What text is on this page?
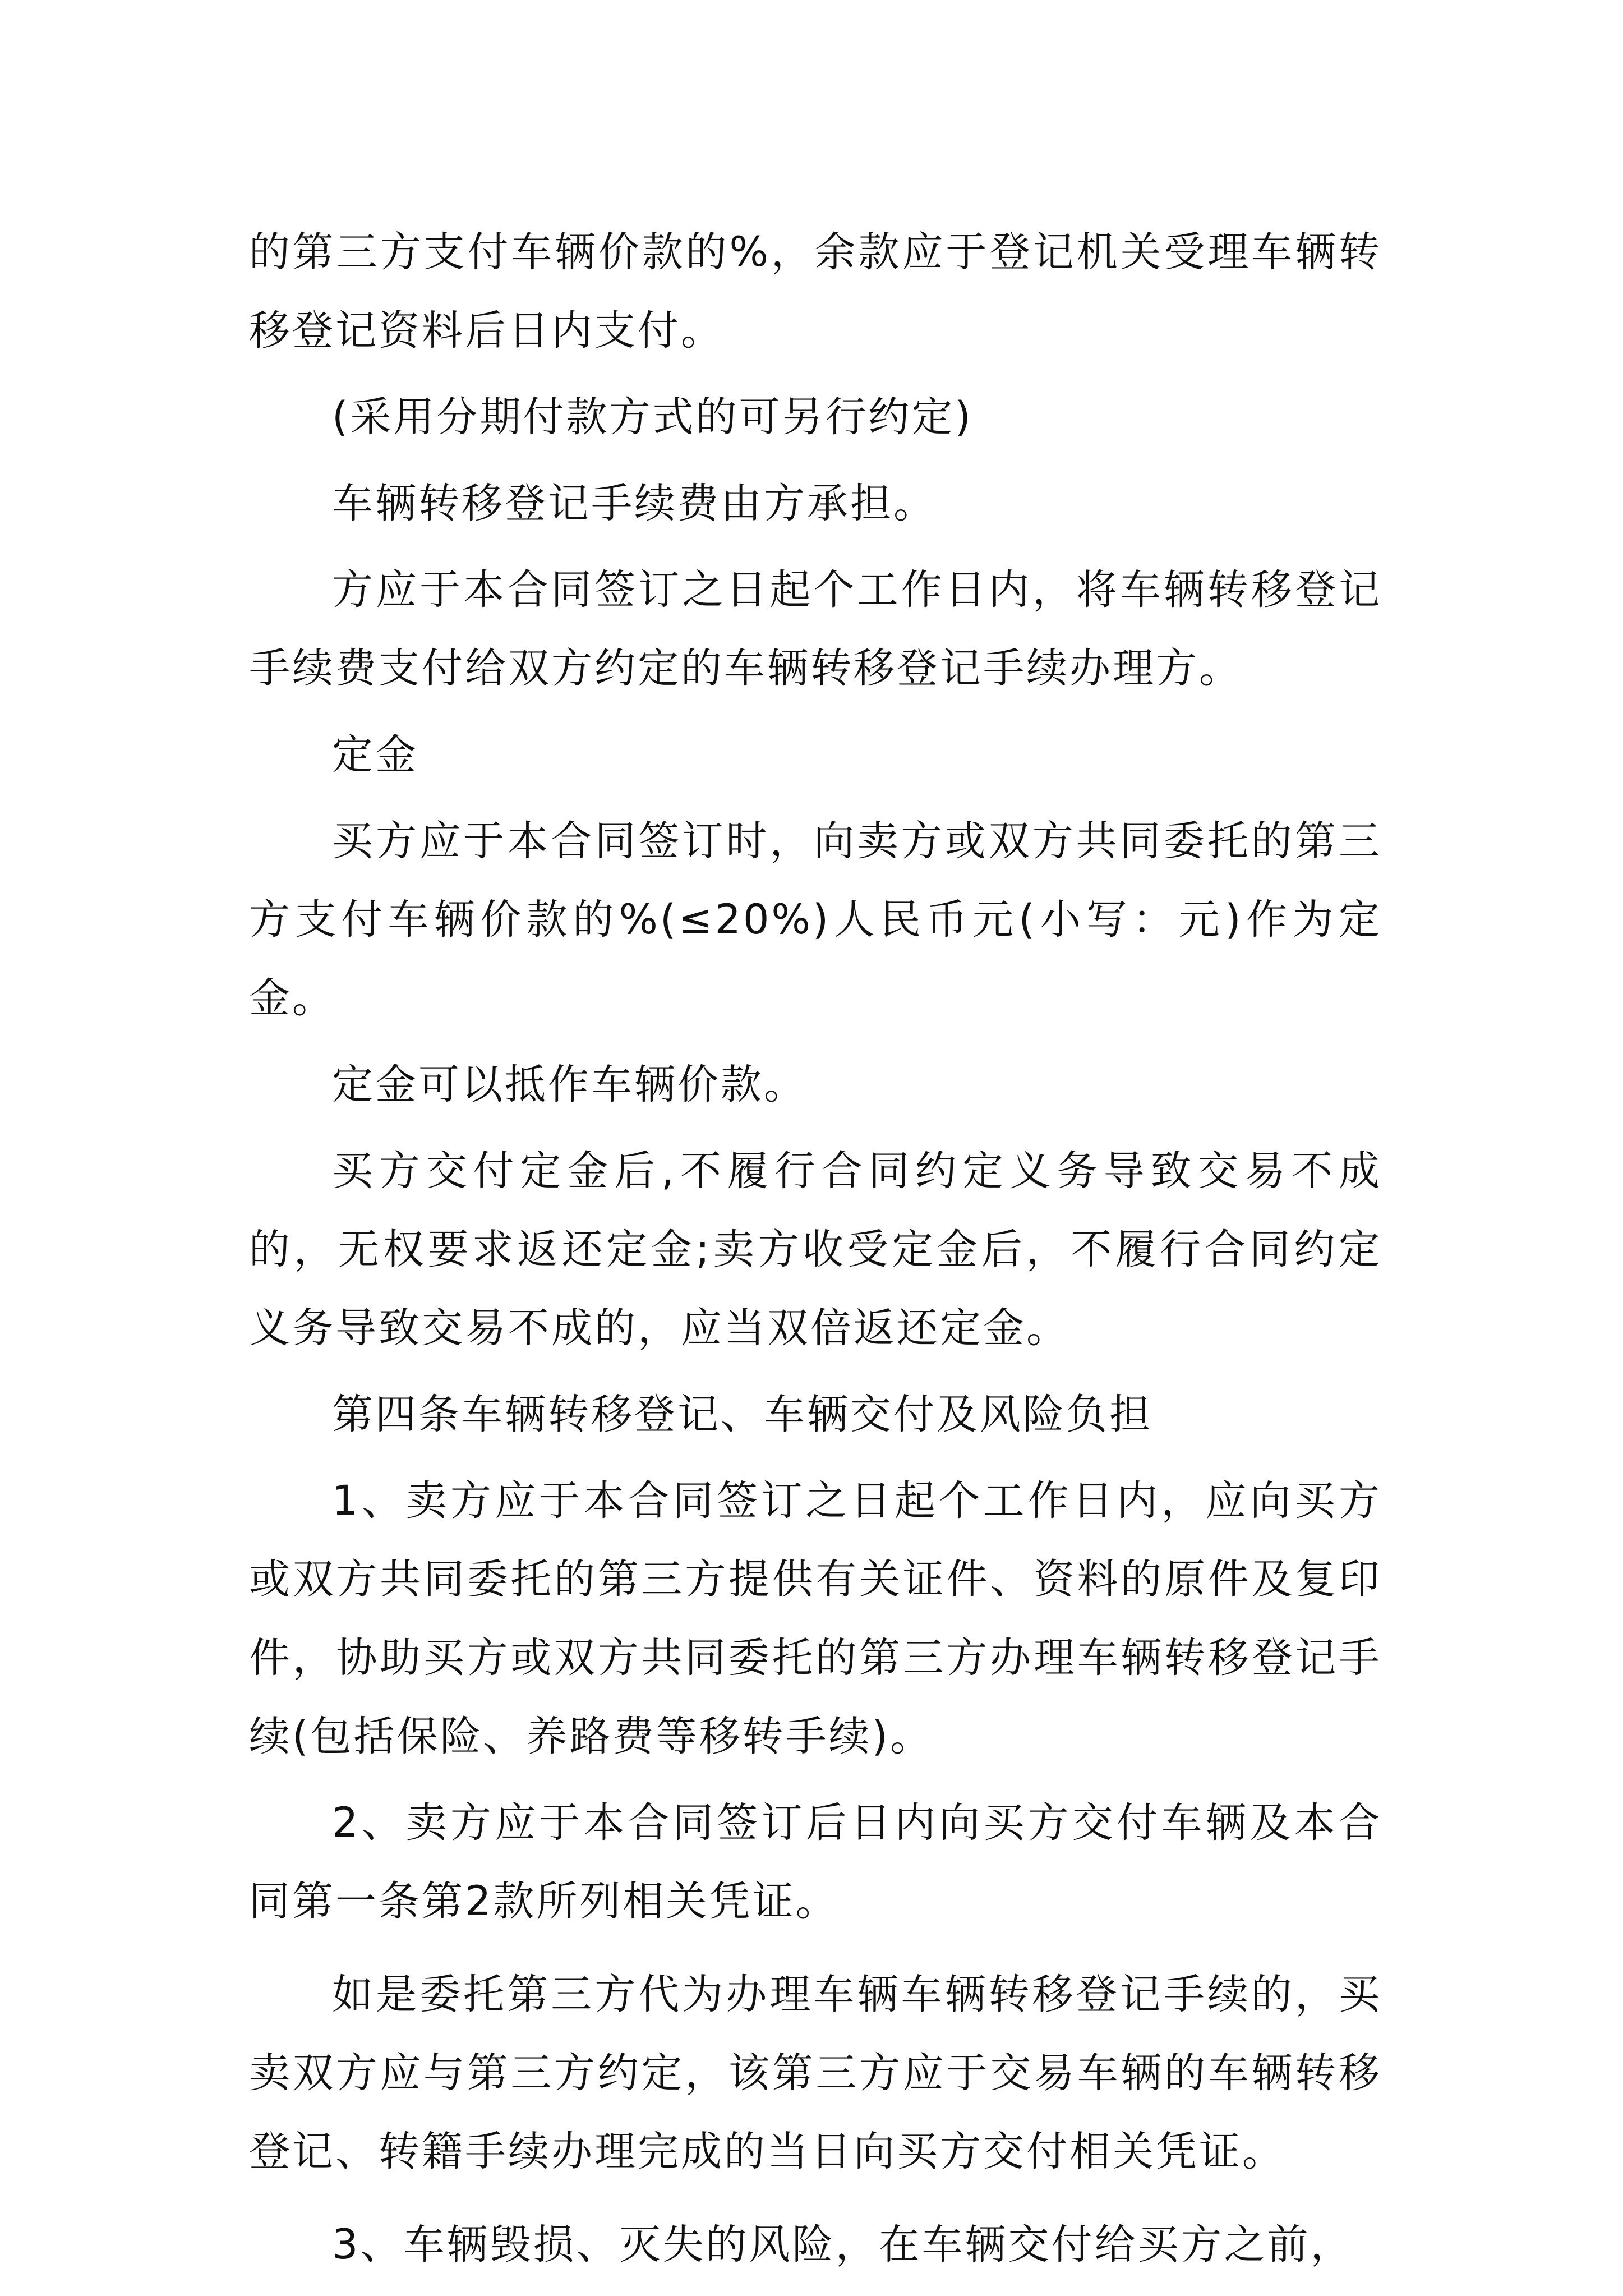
的第三方支付车辆价款的%，余款应于登记机关受理车辆转移登记资料后日内支付。

(采用分期付款方式的可另行约定)

车辆转移登记手续费由方承担。

方应于本合同签订之日起个工作日内，将车辆转移登记手续费支付给双方约定的车辆转移登记手续办理方。

定金

买方应于本合同签订时，向卖方或双方共同委托的第三方支付车辆价款的%(≤20%)人民币元(小写：元)作为定金。

定金可以抵作车辆价款。

买方交付定金后,不履行合同约定义务导致交易不成的，无权要求返还定金;卖方收受定金后，不履行合同约定义务导致交易不成的，应当双倍返还定金。

第四条车辆转移登记、车辆交付及风险负担

1、卖方应于本合同签订之日起个工作日内，应向买方或双方共同委托的第三方提供有关证件、资料的原件及复印件，协助买方或双方共同委托的第三方办理车辆转移登记手续(包括保险、养路费等移转手续)。

2、卖方应于本合同签订后日内向买方交付车辆及本合同第一条第2款所列相关凭证。

如是委托第三方代为办理车辆车辆转移登记手续的，买卖双方应与第三方约定，该第三方应于交易车辆的车辆转移登记、转籍手续办理完成的当日向买方交付相关凭证。

3、车辆毁损、灭失的风险，在车辆交付给买方之前，
